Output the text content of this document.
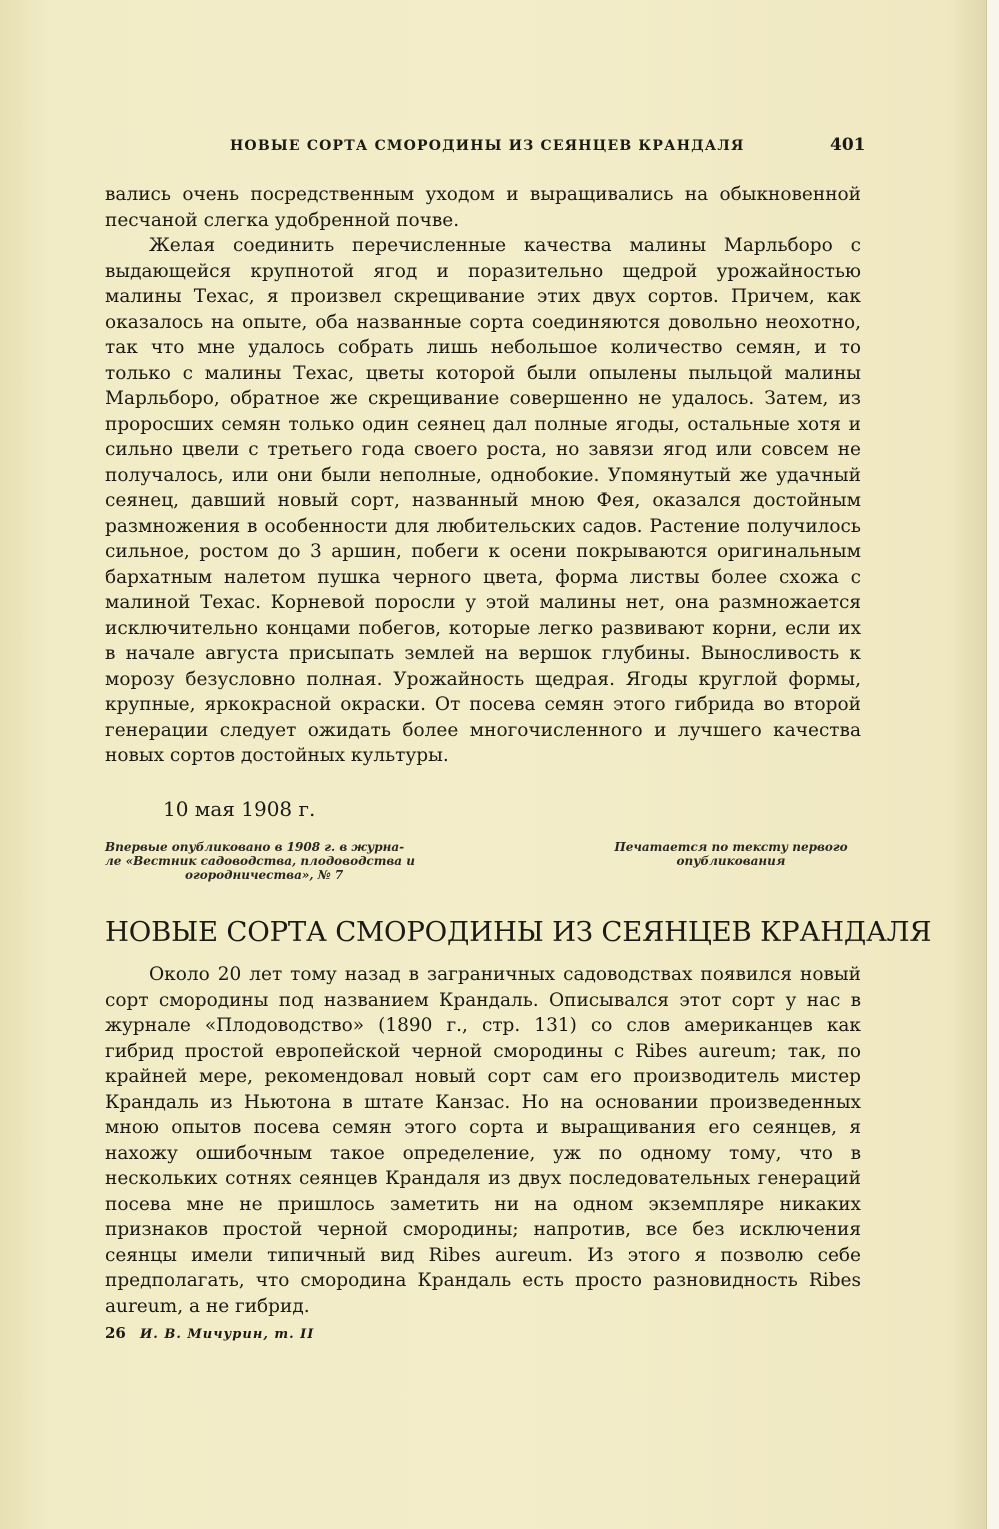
НОВЫЕ СОРТА СМОРОДИНЫ ИЗ СЕЯНЦЕВ КРАНДАЛЯ	401

вались очень посредственным уходом и выращивались на обыкновенной песчаной слегка удобренной почве.

Желая соединить перечисленные качества малины Марльборо с выдающейся крупнотой ягод и поразительно щедрой урожайностью малины Техас, я произвел скрещивание этих двух сортов. Причем, как оказалось на опыте, оба названные сорта соединяются довольно неохотно, так что мне удалось собрать лишь небольшое количество семян, и то только с малины Техас, цветы которой были опылены пыльцой малины Марльборо, обратное же скрещивание совершенно не удалось. Затем, из проросших семян только один сеянец дал полные ягоды, остальные хотя и сильно цвели с третьего года своего роста, но завязи ягод или совсем не получалось, или они были неполные, однобокие. Упомянутый же удачный сеянец, давший новый сорт, названный мною Фея, оказался достойным размножения в особенности для любительских садов. Растение получилось сильное, ростом до 3 аршин, побеги к осени покрываются оригинальным бархатным налетом пушка черного цвета, форма листвы более схожа с малиной Техас. Корневой поросли у этой малины нет, она размножается исключительно концами побегов, которые легко развивают корни, если их в начале августа присыпать землей на вершок глубины. Выносливость к морозу безусловно полная. Урожайность щедрая. Ягоды круглой формы, крупные, яркокрасной окраски. От посева семян этого гибрида во второй генерации следует ожидать более многочисленного и лучшего качества новых сортов достойных культуры.

10 мая 1908 г.
Впервые опубликовано в 1908 г. в журна-
ле «Вестник садоводства, плодоводства и
огородничества», № 7
Печатается по тексту первого
опубликования
НОВЫЕ СОРТА СМОРОДИНЫ ИЗ СЕЯНЦЕВ КРАНДАЛЯ

Около 20 лет тому назад в заграничных садоводствах появился новый сорт смородины под названием Крандаль. Описывался этот сорт у нас в журнале «Плодоводство» (1890 г., стр. 131) со слов американцев как гибрид простой европейской черной смородины с Ribes aureum; так, по крайней мере, рекомендовал новый сорт сам его производитель мистер Крандаль из Ньютона в штате Канзас. Но на основании произведенных мною опытов посева семян этого сорта и выращивания его сеянцев, я нахожу ошибочным такое определение, уж по одному тому, что в нескольких сотнях сеянцев Крандаля из двух последовательных генераций посева мне не пришлось заметить ни на одном экземпляре никаких признаков простой черной смородины; напротив, все без исключения сеянцы имели типичный вид Ribes aureum. Из этого я позволю себе предполагать, что смородина Крандаль есть просто разновидность Ribes aureum, а не гибрид.

26 И. В. Мичурин, т. II
